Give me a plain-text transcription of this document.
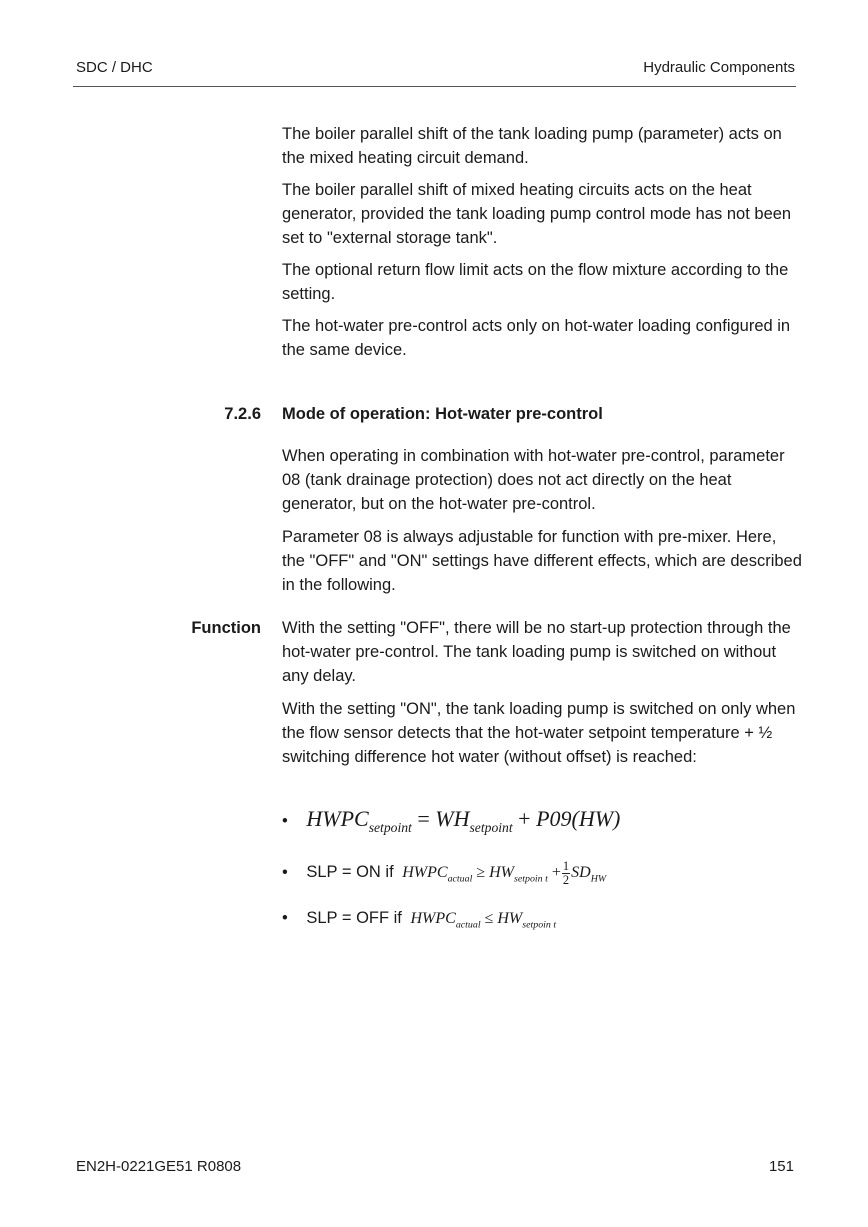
SDC / DHC	Hydraulic Components

The boiler parallel shift of the tank loading pump (parameter) acts on the mixed heating circuit demand.

The boiler parallel shift of mixed heating circuits acts on the heat generator, provided the tank loading pump control mode has not been set to "external storage tank".

The optional return flow limit acts on the flow mixture according to the setting.

The hot-water pre-control acts only on hot-water loading configured in the same device.

7.2.6 Mode of operation: Hot-water pre-control

When operating in combination with hot-water pre-control, parameter 08 (tank drainage protection) does not act directly on the heat generator, but on the hot-water pre-control.

Parameter 08 is always adjustable for function with pre-mixer. Here, the "OFF" and "ON" settings have different effects, which are described in the following.

Function With the setting "OFF", there will be no start-up protection through the hot-water pre-control. The tank loading pump is switched on without any delay.

With the setting "ON", the tank loading pump is switched on only when the flow sensor detects that the hot-water setpoint temperature + ½ switching difference hot water (without offset) is reached:

• $HWPC_{setpoint} = WH_{setpoint} + P09(HW)$
• SLP = ON if $HWPC_{actual} \ge HW_{setpoin t} + \frac{1}{2} SD_{HW}$
• SLP = OFF if $HWPC_{actual} \le HW_{setpoin t}$
EN2H-0221GE51 R0808	151
